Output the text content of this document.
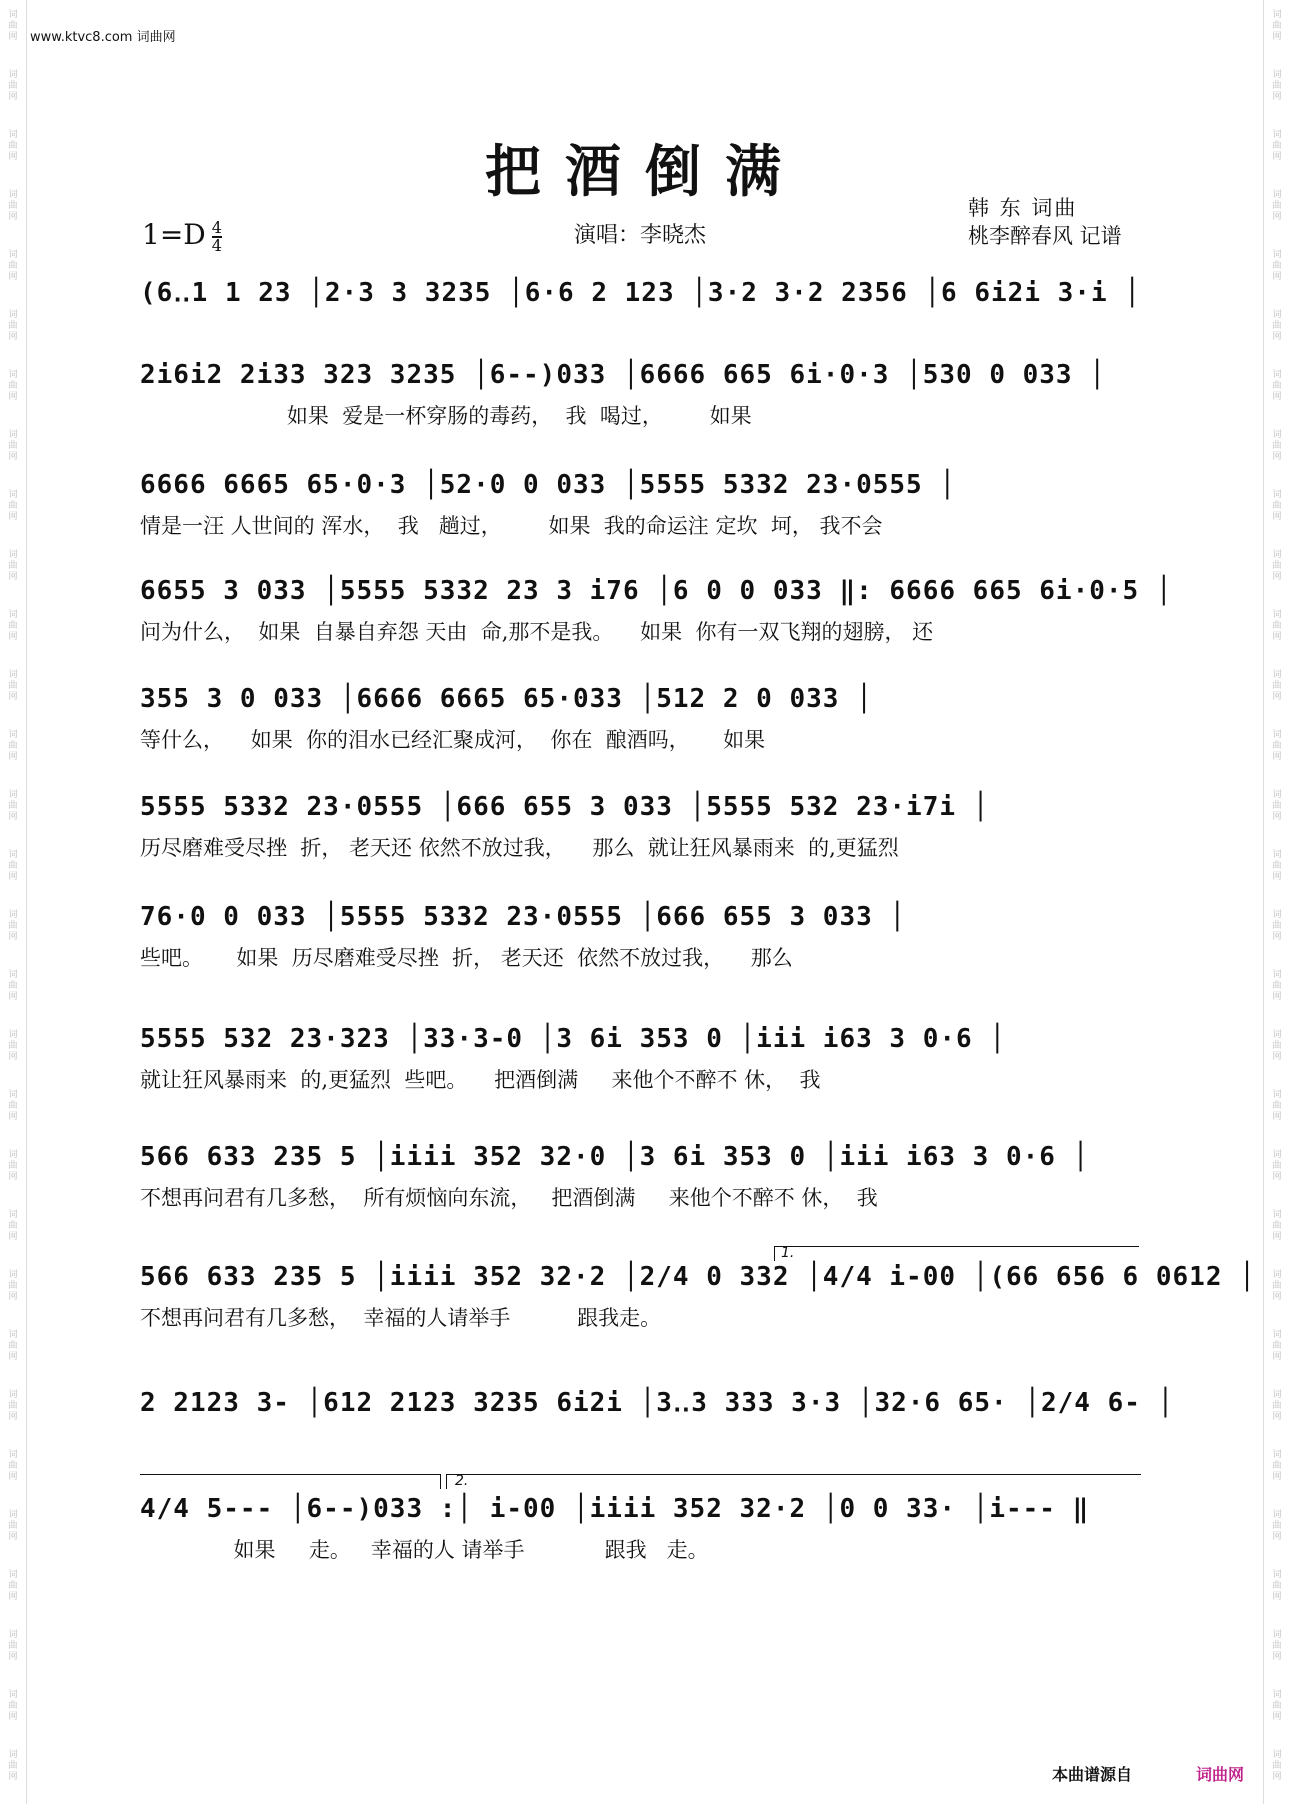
词曲网
词曲网
词曲网
词曲网
词曲网
词曲网
词曲网
词曲网
词曲网
词曲网
词曲网
词曲网
词曲网
词曲网
词曲网
词曲网
词曲网
词曲网
词曲网
词曲网
词曲网
词曲网
词曲网
词曲网
词曲网
词曲网
词曲网
词曲网
词曲网
词曲网
词曲网
词曲网
词曲网
词曲网
词曲网
词曲网
词曲网
词曲网
词曲网
词曲网
词曲网
词曲网
词曲网
词曲网
词曲网
词曲网
词曲网
词曲网
词曲网
词曲网
词曲网
词曲网
词曲网
词曲网
词曲网
词曲网
词曲网
词曲网
词曲网
词曲网
www.ktvc8.com 词曲网
把酒倒满
$1=D \frac{4}{4}$	演唱：李晓杰
韩 东 词曲
桃李醉春风 记谱
(6‥1 1 23 │2·3 3 3235 │6·6 2 123 │3·2 3·2 2356 │6 6i2i 3·i │
2i6i2 2i33 323 3235 │6--)033 │6666 665 6i·0·3 │530 0 033 │
如果  爱是一杯穿肠的毒药，  我  喝过，       如果
6666 6665 65·0·3 │52·0 0 033 │5555 5332 23·0555 │
情是一汪 人世间的 浑水，  我   趟过，       如果  我的命运注 定坎  坷， 我不会
6655 3 033 │5555 5332 23 3 i76 │6 0 0 033 ‖: 6666 665 6i·0·5 │
问为什么，  如果  自暴自弃怨 天由  命,那不是我。    如果  你有一双飞翔的翅膀， 还
355 3 0 033 │6666 6665 65·033 │512 2 0 033 │
等什么，    如果  你的泪水已经汇聚成河，  你在  酿酒吗，     如果
5555 5332 23·0555 │666 655 3 033 │5555 532 23·i7i │
历尽磨难受尽挫  折， 老天还 依然不放过我，    那么  就让狂风暴雨来  的,更猛烈
76·0 0 033 │5555 5332 23·0555 │666 655 3 033 │
些吧。     如果  历尽磨难受尽挫  折， 老天还  依然不放过我，    那么
5555 532 23·323 │33·3-0 │3 6i 353 0 │iii i63 3 0·6 │
就让狂风暴雨来  的,更猛烈  些吧。    把酒倒满     来他个不醉不 休，  我
566 633 235 5 │iiii 352 32·0 │3 6i 353 0 │iii i63 3 0·6 │
不想再问君有几多愁，  所有烦恼向东流，   把酒倒满     来他个不醉不 休，  我
566 633 235 5 │iiii 352 32·2 │2/4 0 332 │4/4 i-00 │(66 656 6 0612 │
不想再问君有几多愁，  幸福的人请举手          跟我走。
2 2123 3- │612 2123 3235 6i2i │3‥3 333 3·3 │32·6 65· │2/4 6- │
4/4 5--- │6--)033 :│ i-00 │iiii 352 32·2 │0 0 33· │i--- ‖
如果     走。   幸福的人 请举手            跟我   走。
本曲谱源自	词曲网
1.
2.
